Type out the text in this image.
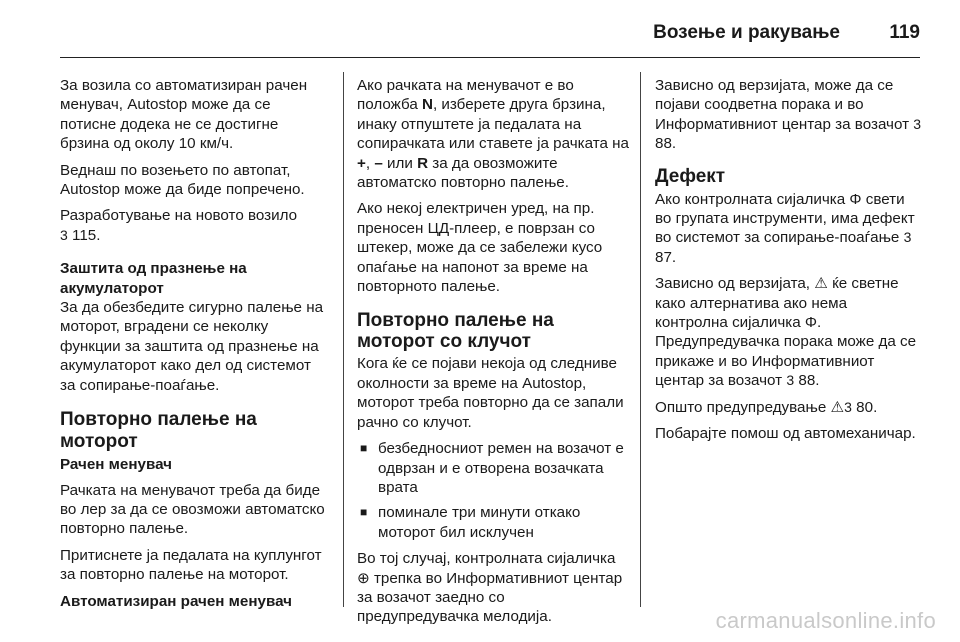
Возење и ракување	119

За возила со автоматизиран рачен менувач, Autostop може да се потисне додека не се достигне брзина од околу 10 км/ч.

Веднаш по возењето по автопат, Autostop може да биде попречено.

Разработување на новото возило
3 115.

Заштита од празнење на акумулаторот

За да обезбедите сигурно палење на моторот, вградени се неколку функции за заштита од празнење на акумулаторот како дел од системот за сопирање-поаѓање.

Повторно палење на моторот

Рачен менувач

Рачката на менувачот треба да биде во лер за да се овозможи автоматско повторно палење.

Притиснете ја педалата на куплунгот за повторно палење на моторот.

Автоматизиран рачен менувач

Ако рачката на менувачот е во положба N, изберете друга брзина, инаку отпуштете ја педалата на сопирачката или ставете ја рачката на +, – или R за да овозможите автоматско повторно палење.

Ако некој електричен уред, на пр. преносен ЦД-плеер, е поврзан со штекер, може да се забележи кусо опаѓање на напонот за време на повторното палење.

Повторно палење на моторот со клучот

Кога ќе се појави некоја од следниве околности за време на Autostop, моторот треба повторно да се запали рачно со клучот.

■ безбедносниот ремен на возачот е одврзан и е отворена возачката врата
■ поминале три минути откако моторот бил исклучен

Во тој случај, контролната сијаличка ⊕ трепка во Информативниот центар за возачот заедно со предупредувачка мелодија.

Зависно од верзијата, може да се појави соодветна порака и во Информативниот центар за возачот 3 88.

Дефект

Ако контролната сијаличка Φ свети во групата инструменти, има дефект во системот за сопирање-поаѓање 3 87.

Зависно од верзијата, ⚠ ќе светне како алтернатива ако нема контролна сијаличка Φ.
Предупредувачка порака може да се прикаже и во Информативниот центар за возачот 3 88.

Општо предупредување ⚠3 80.

Побарајте помош од автомеханичар.

carmanualsonline.info
